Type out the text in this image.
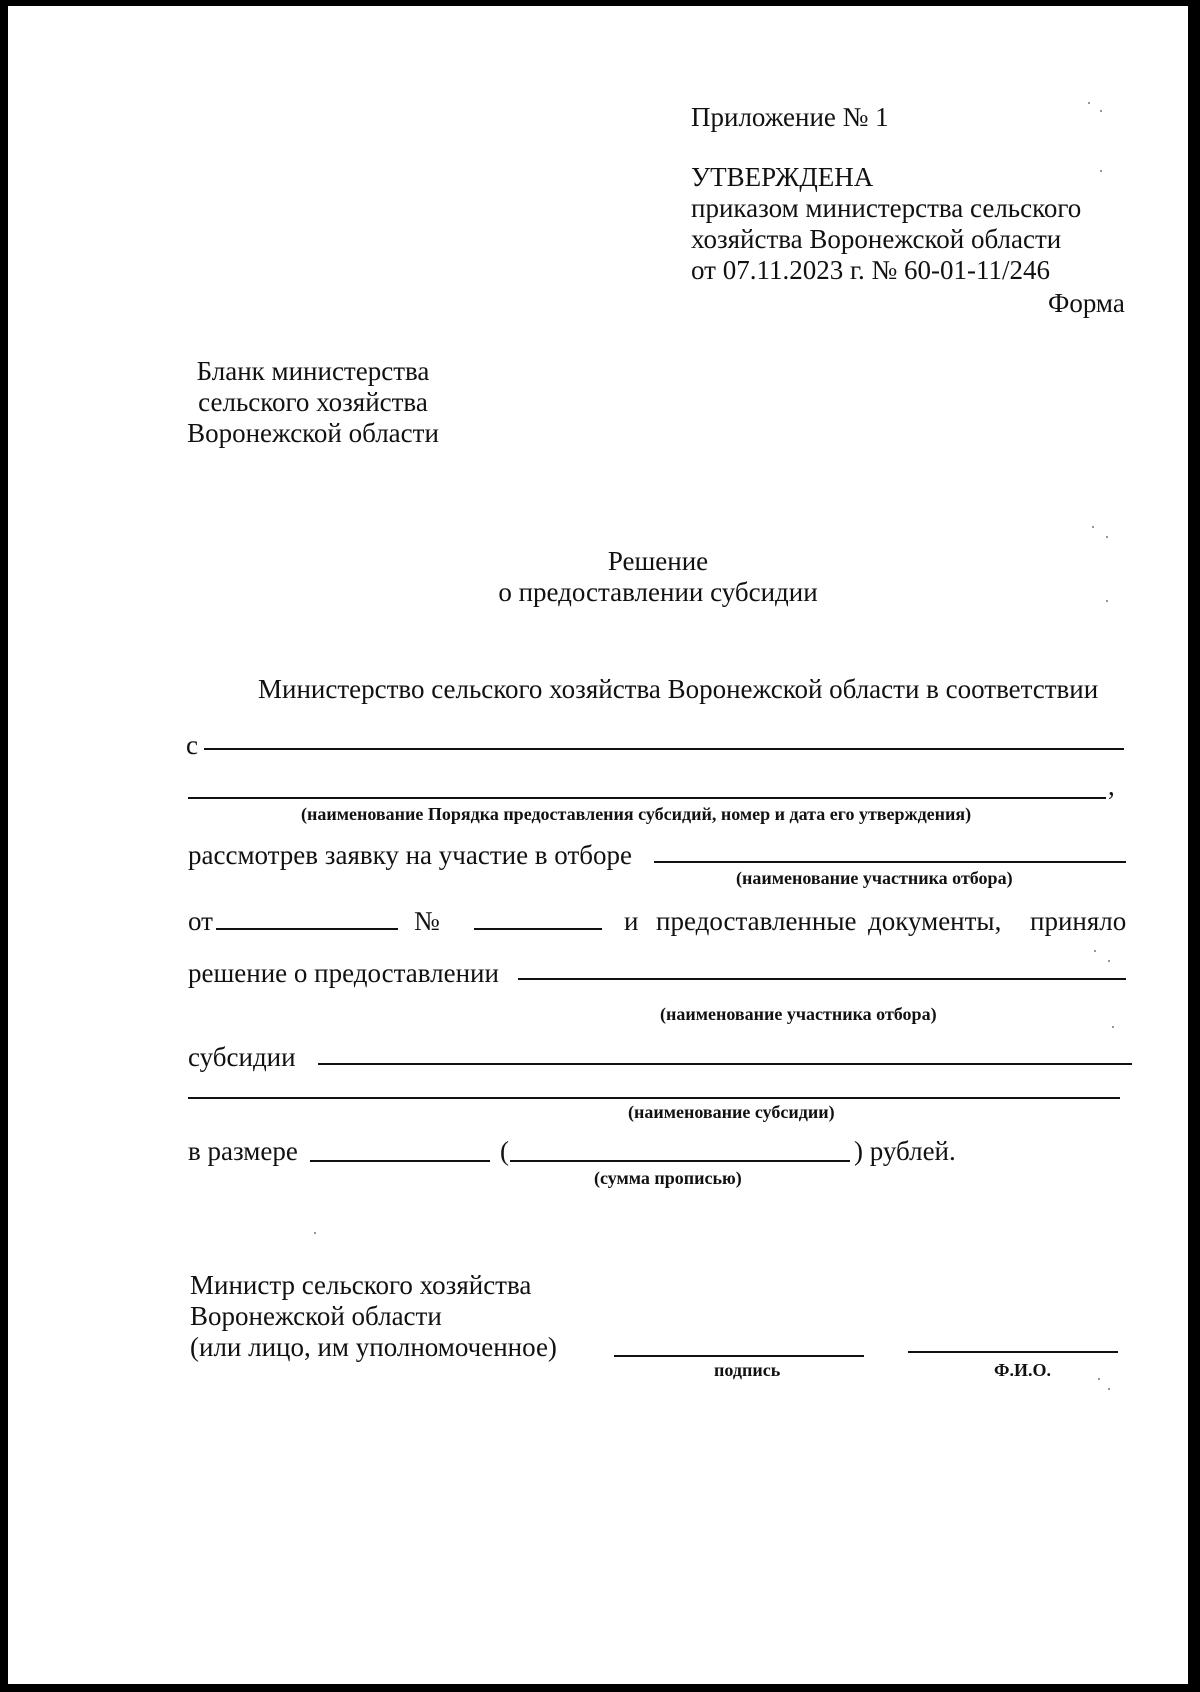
Приложение № 1
УТВЕРЖДЕНА
приказом министерства сельского
хозяйства Воронежской области
от 07.11.2023 г. № 60-01-11/246
Форма
Бланк министерства
сельского хозяйства
Воронежской области
Решение
о предоставлении субсидии
Министерство сельского хозяйства Воронежской области в соответствии
с
,
(наименование Порядка предоставления субсидий, номер и дата его утверждения)
рассмотрев заявку на участие в отборе
(наименование участника отбора)
от	№	и предоставленные документы, приняло
решение о предоставлении
(наименование участника отбора)
субсидии
(наименование субсидии)
в размере	(	) рублей.
(сумма прописью)
Министр сельского хозяйства
Воронежской области
(или лицо, им уполномоченное)
подпись	Ф.И.О.
